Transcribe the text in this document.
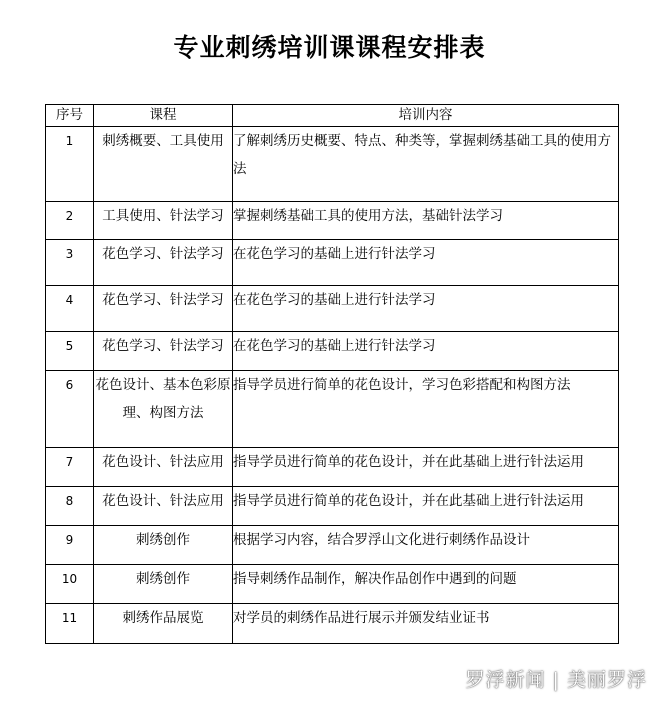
专业刺绣培训课课程安排表
序号	课程	培训内容
1	刺绣概要、工具使用	了解刺绣历史概要、特点、种类等，掌握刺绣基础工具的使用方法
2	工具使用、针法学习	掌握刺绣基础工具的使用方法，基础针法学习
3	花色学习、针法学习	在花色学习的基础上进行针法学习
4	花色学习、针法学习	在花色学习的基础上进行针法学习
5	花色学习、针法学习	在花色学习的基础上进行针法学习
6	花色设计、基本色彩原理、构图方法	指导学员进行简单的花色设计，学习色彩搭配和构图方法
7	花色设计、针法应用	指导学员进行简单的花色设计，并在此基础上进行针法运用
8	花色设计、针法应用	指导学员进行简单的花色设计，并在此基础上进行针法运用
9	刺绣创作	根据学习内容，结合罗浮山文化进行刺绣作品设计
10	刺绣创作	指导刺绣作品制作，解决作品创作中遇到的问题
11	刺绣作品展览	对学员的刺绣作品进行展示并颁发结业证书
罗浮新闻 | 美丽罗浮
